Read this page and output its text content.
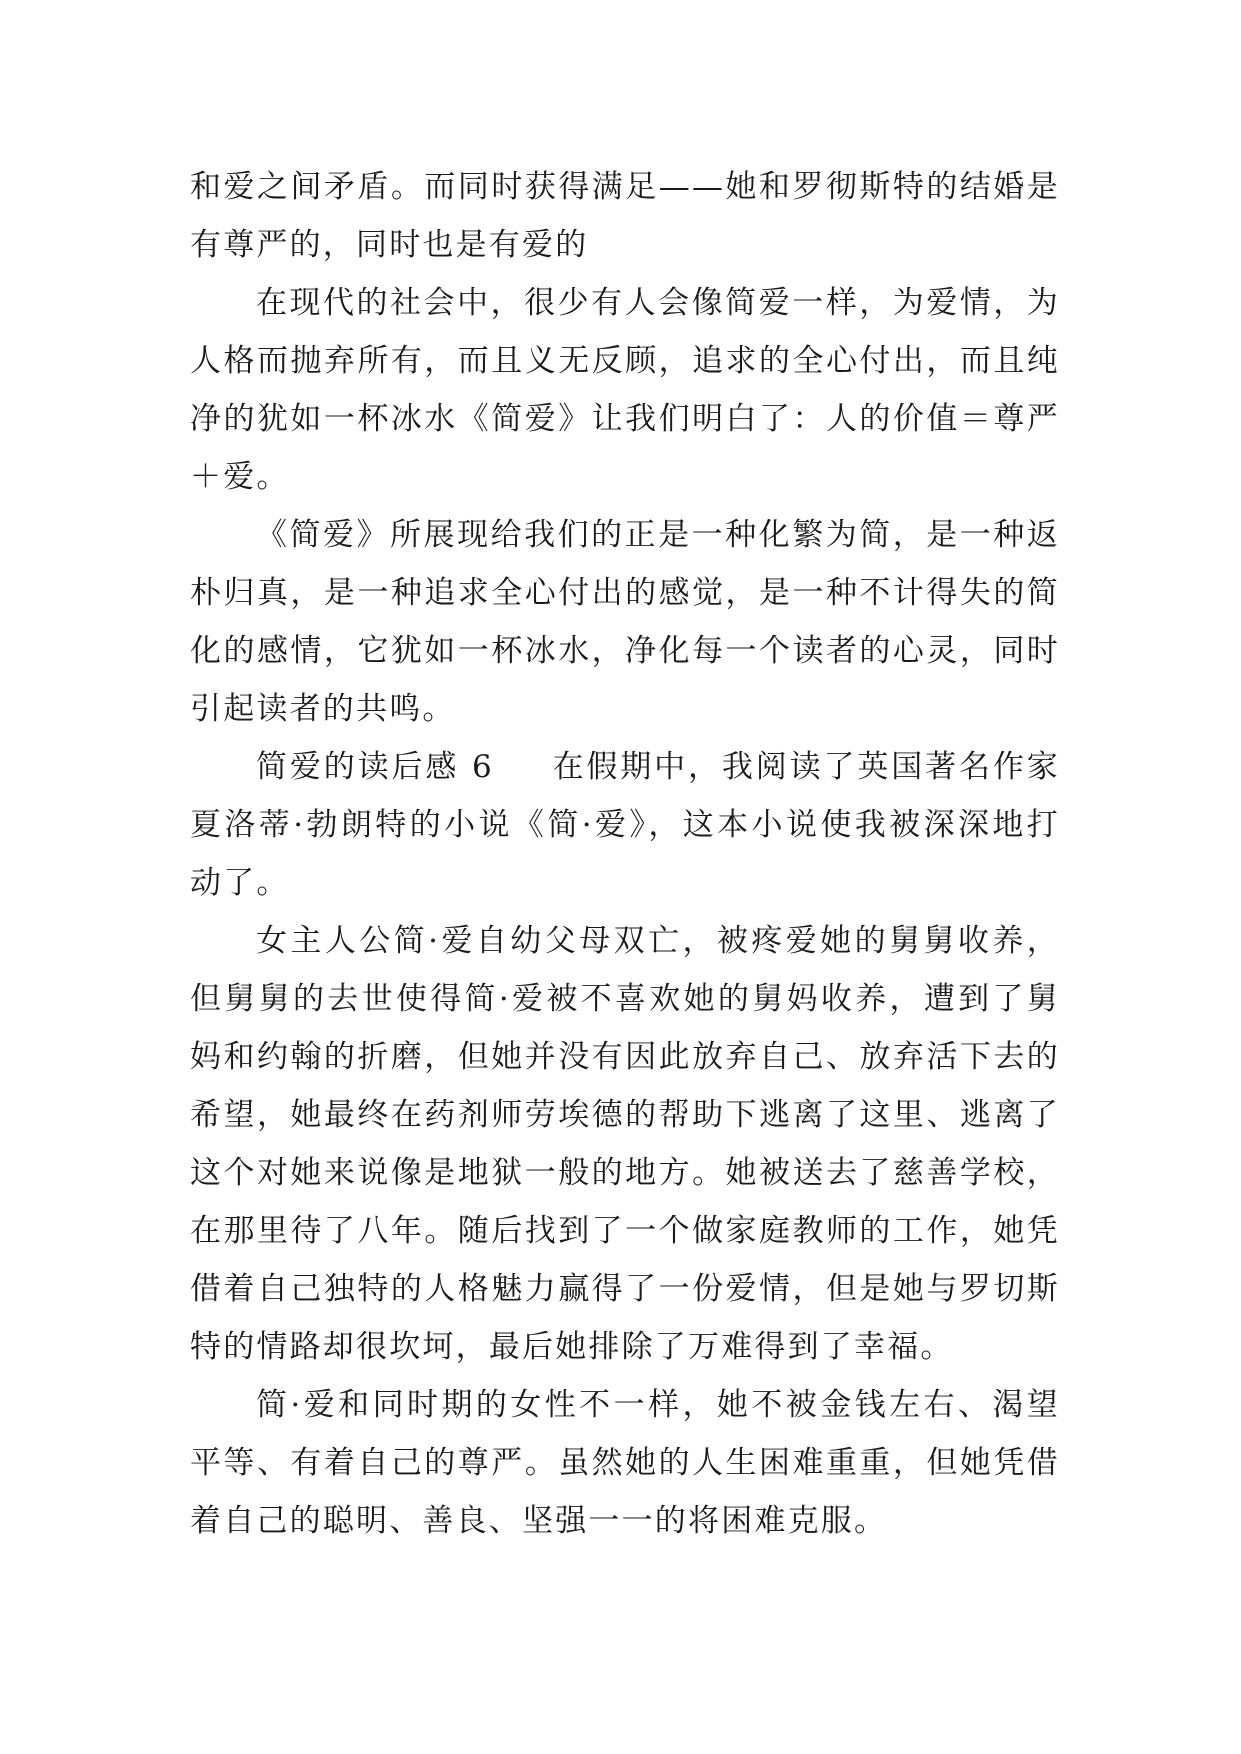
和爱之间矛盾。而同时获得满足——她和罗彻斯特的结婚是有尊严的，同时也是有爱的

在现代的社会中，很少有人会像简爱一样，为爱情，为人格而抛弃所有，而且义无反顾，追求的全心付出，而且纯净的犹如一杯冰水《简爱》让我们明白了：人的价值＝尊严＋爱。

《简爱》所展现给我们的正是一种化繁为简，是一种返朴归真，是一种追求全心付出的感觉，是一种不计得失的简化的感情，它犹如一杯冰水，净化每一个读者的心灵，同时引起读者的共鸣。

简爱的读后感 6 在假期中，我阅读了英国著名作家夏洛蒂·勃朗特的小说《简·爱》，这本小说使我被深深地打动了。

女主人公简·爱自幼父母双亡，被疼爱她的舅舅收养，但舅舅的去世使得简·爱被不喜欢她的舅妈收养，遭到了舅妈和约翰的折磨，但她并没有因此放弃自己、放弃活下去的希望，她最终在药剂师劳埃德的帮助下逃离了这里、逃离了这个对她来说像是地狱一般的地方。她被送去了慈善学校，在那里待了八年。随后找到了一个做家庭教师的工作，她凭借着自己独特的人格魅力赢得了一份爱情，但是她与罗切斯特的情路却很坎坷，最后她排除了万难得到了幸福。

简·爱和同时期的女性不一样，她不被金钱左右、渴望平等、有着自己的尊严。虽然她的人生困难重重，但她凭借着自己的聪明、善良、坚强一一的将困难克服。
